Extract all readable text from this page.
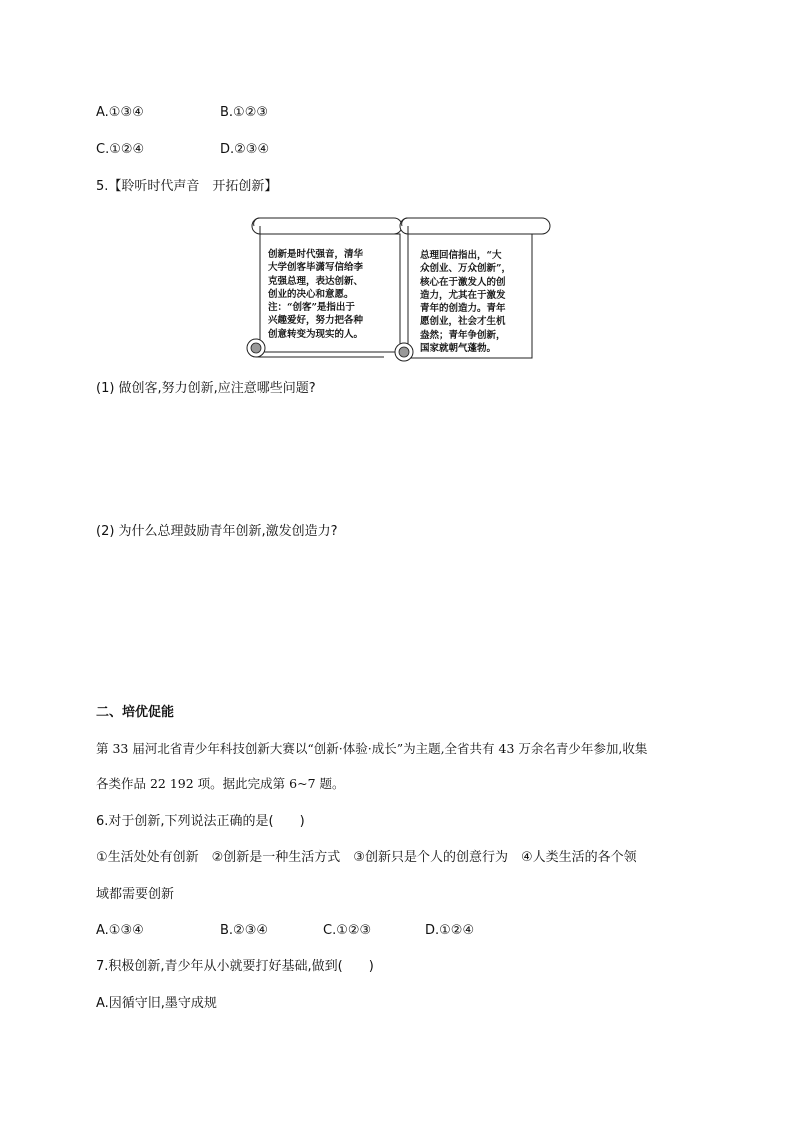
A.①③④	B.①②③
C.①②④	D.②③④
5.【聆听时代声音　开拓创新】
创新是时代强音，清华
大学创客毕潇写信给李
克强总理，表达创新、
创业的决心和意愿。
注：“创客”是指出于
兴趣爱好，努力把各种
创意转变为现实的人。
总理回信指出，“大
众创业、万众创新”，
核心在于激发人的创
造力，尤其在于激发
青年的创造力。青年
愿创业，社会才生机
盎然；青年争创新，
国家就朝气蓬勃。
(1) 做创客,努力创新,应注意哪些问题?
(2) 为什么总理鼓励青年创新,激发创造力?
二、培优促能
第 33 届河北省青少年科技创新大赛以“创新·体验·成长”为主题,全省共有 43 万余名青少年参加,收集
各类作品 22 192 项。据此完成第 6~7 题。
6.对于创新,下列说法正确的是(　　)
①生活处处有创新　②创新是一种生活方式　③创新只是个人的创意行为　④人类生活的各个领
域都需要创新
A.①③④	B.②③④	C.①②③	D.①②④
7.积极创新,青少年从小就要打好基础,做到(　　)
A.因循守旧,墨守成规
